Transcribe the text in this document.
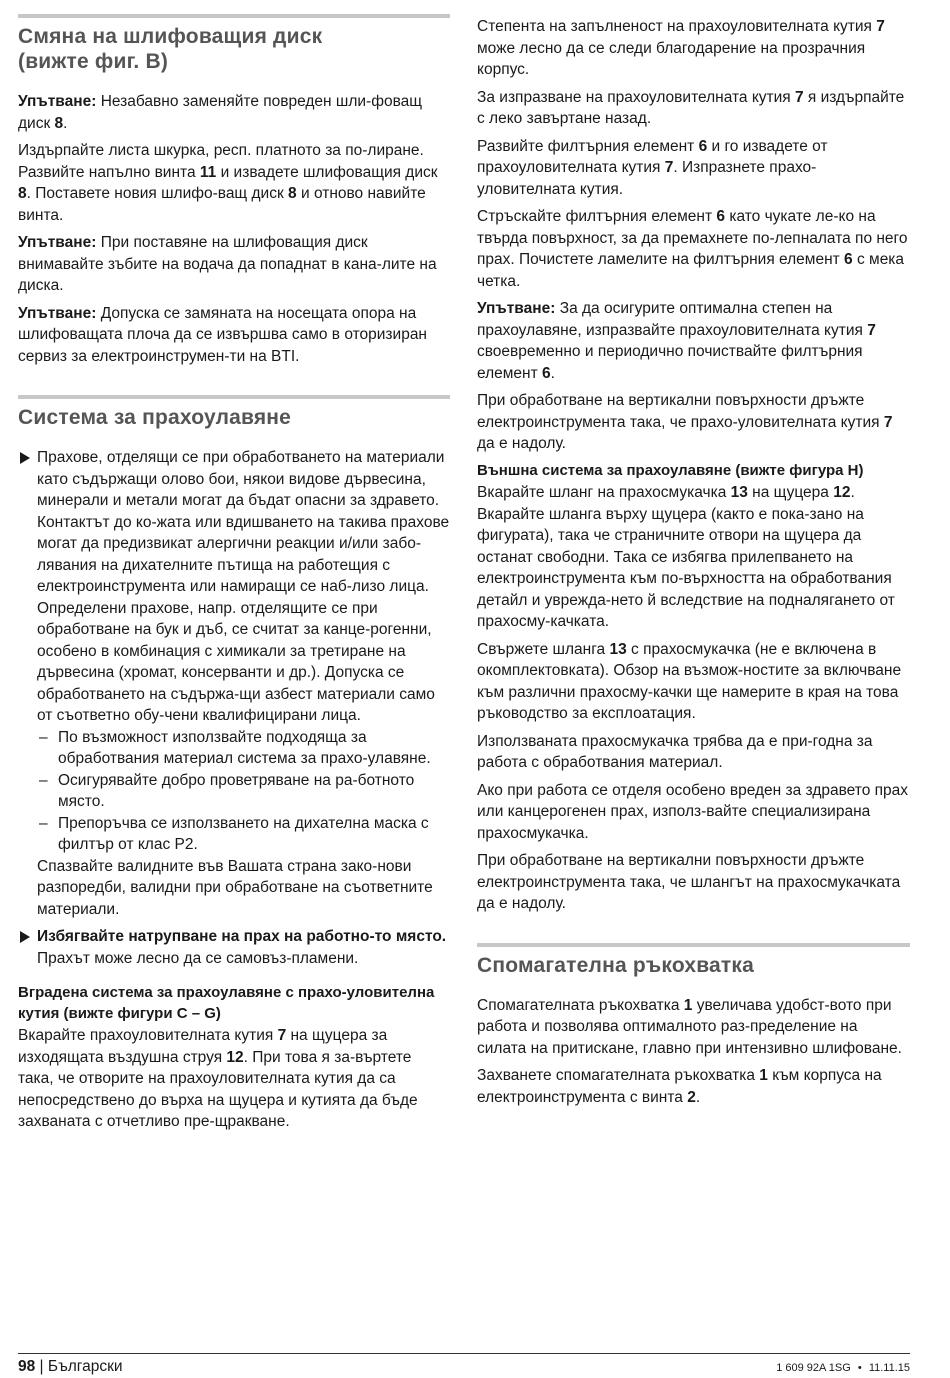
Смяна на шлифоващия диск
(вижте фиг. B)

Упътване: Незабавно заменяйте повреден шли-фоващ диск 8.

Издърпайте листа шкурка, респ. платното за по-лиране. Развийте напълно винта 11 и извадете шлифоващия диск 8. Поставете новия шлифо-ващ диск 8 и отново навийте винта.

Упътване: При поставяне на шлифоващия диск внимавайте зъбите на водача да попаднат в кана-лите на диска.

Упътване: Допуска се замяната на носещата опора на шлифоващата плоча да се извършва само в оторизиран сервиз за електроинструмен-ти на BTI.

Система за прахоулавяне

Прахове, отделящи се при обработването на материали като съдържащи олово бои, някои видове дървесина, минерали и метали могат да бъдат опасни за здравето. Контактът до ко-жата или вдишването на такива прахове могат да предизвикат алергични реакции и/или забо-лявания на дихателните пътища на работещия с електроинструмента или намиращи се наб-лизо лица.

Определени прахове, напр. отделящите се при обработване на бук и дъб, се считат за канце-рогенни, особено в комбинация с химикали за третиране на дървесина (хромат, консерванти и др.). Допуска се обработването на съдържа-щи азбест материали само от съответно обу-чени квалифицирани лица.

– По възможност използвайте подходяща за обработвания материал система за прахо-улавяне.
– Осигурявайте добро проветряване на ра-ботното място.
– Препоръчва се използването на дихателна маска с филтър от клас P2.

Спазвайте валидните във Вашата страна зако-нови разпоредби, валидни при обработване на съответните материали.

Избягвайте натрупване на прах на работно-то място. Прахът може лесно да се самовъз-пламени.

Вградена система за прахоулавяне с прахо-уловителна кутия (вижте фигури C – G)

Вкарайте прахоуловителната кутия 7 на щуцера за изходящата въздушна струя 12. При това я за-въртете така, че отворите на прахоуловителната кутия да са непосредствено до върха на щуцера и кутията да бъде захваната с отчетливо пре-щракване.

Степента на запълненост на прахоуловителната кутия 7 може лесно да се следи благодарение на прозрачния корпус.

За изпразване на прахоуловителната кутия 7 я издърпайте с леко завъртане назад.

Развийте филтърния елемент 6 и го извадете от прахоуловителната кутия 7. Изпразнете прахо-уловителната кутия.

Стръскайте филтърния елемент 6 като чукате ле-ко на твърда повърхност, за да премахнете по-лепналата по него прах. Почистете ламелите на филтърния елемент 6 с мека четка.

Упътване: За да осигурите оптимална степен на прахоулавяне, изпразвайте прахоуловителната кутия 7 своевременно и периодично почиствайте филтърния елемент 6.

При обработване на вертикални повърхности дръжте електроинструмента така, че прахо-уловителната кутия 7 да е надолу.

Външна система за прахоулавяне (вижте фигура H)

Вкарайте шланг на прахосмукачка 13 на щуцера 12. Вкарайте шланга върху щуцера (както е пока-зано на фигурата), така че страничните отвори на щуцера да останат свободни. Така се избягва прилепването на електроинструмента към по-върхността на обработвания детайл и увреждa-нето й вследствие на подналягането от прахосму-качката.

Свържете шланга 13 с прахосмукачка (не е включена в окомплектовката). Обзор на възмож-ностите за включване към различни прахосму-качки ще намерите в края на това ръководство за експлоатация.

Използваната прахосмукачка трябва да е при-годна за работа с обработвания материал.

Ако при работа се отделя особено вреден за здравето прах или канцерогенен прах, използ-вайте специализирана прахосмукачка.

При обработване на вертикални повърхности дръжте електроинструмента така, че шлангът на прахосмукачката да е надолу.

Спомагателна ръкохватка

Спомагателната ръкохватка 1 увеличава удобст-вото при работа и позволява оптималното раз-пределение на силата на притискане, главно при интензивно шлифоване.

Захванете спомагателната ръкохватка 1 към корпуса на електроинструмента с винта 2.

98 | Български	1 609 92A 1SG • 11.11.15
